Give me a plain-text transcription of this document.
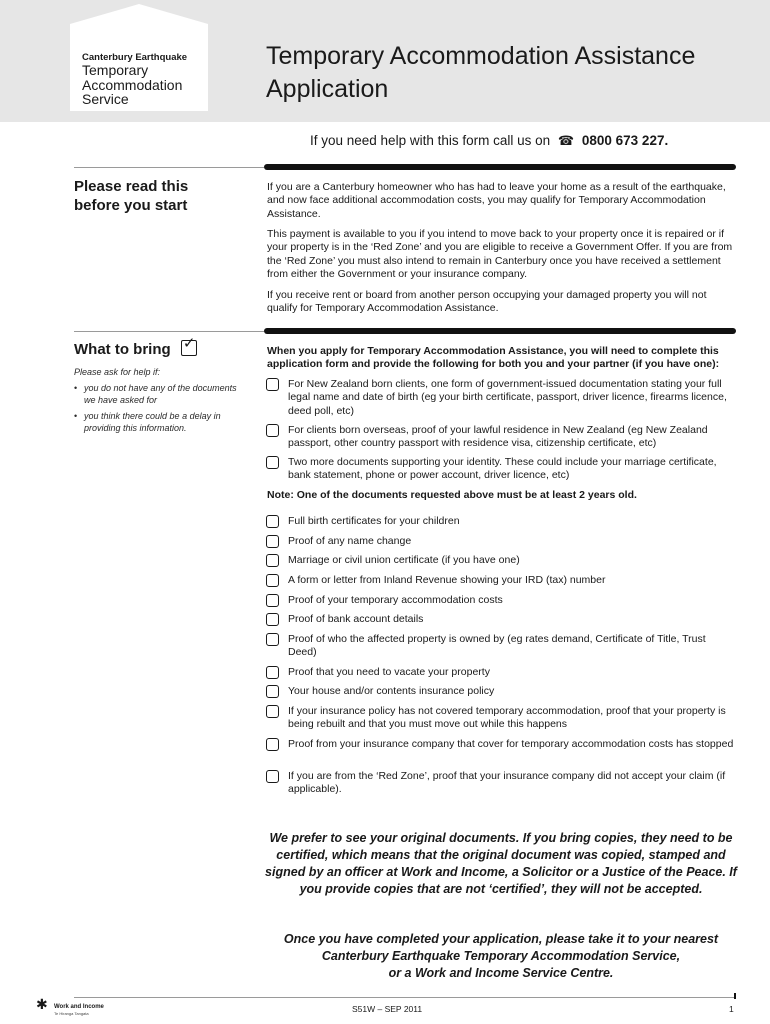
Canterbury Earthquake
Temporary
Accommodation
Service
Temporary Accommodation Assistance
Application
If you need help with this form call us on ☎ 0800 673 227.
Please read this
before you start

If you are a Canterbury homeowner who has had to leave your home as a result of the earthquake, and now face additional accommodation costs, you may qualify for Temporary Accommodation Assistance.

This payment is available to you if you intend to move back to your property once it is repaired or if your property is in the ‘Red Zone’ and you are eligible to receive a Government Offer. If you are from the ‘Red Zone’ you must also intend to remain in Canterbury once you have received a settlement from either the Government or your insurance company.

If you receive rent or board from another person occupying your damaged property you will not qualify for Temporary Accommodation Assistance.

What to bring ✓
Please ask for help if:
• you do not have any of the documents we have asked for
• you think there could be a delay in providing this information.

When you apply for Temporary Accommodation Assistance, you will need to complete this application form and provide the following for both you and your partner (if you have one):

For New Zealand born clients, one form of government-issued documentation stating your full legal name and date of birth (eg your birth certificate, passport, driver licence, firearms licence, deed poll, etc)
For clients born overseas, proof of your lawful residence in New Zealand (eg New Zealand passport, other country passport with residence visa, citizenship certificate, etc)
Two more documents supporting your identity. These could include your marriage certificate, bank statement, phone or power account, driver licence, etc)

Note: One of the documents requested above must be at least 2 years old.

Full birth certificates for your children
Proof of any name change
Marriage or civil union certificate (if you have one)
A form or letter from Inland Revenue showing your IRD (tax) number
Proof of your temporary accommodation costs
Proof of bank account details
Proof of who the affected property is owned by (eg rates demand, Certificate of Title, Trust Deed)
Proof that you need to vacate your property
Your house and/or contents insurance policy
If your insurance policy has not covered temporary accommodation, proof that your property is being rebuilt and that you must move out while this happens
Proof from your insurance company that cover for temporary accommodation costs has stopped
If you are from the ‘Red Zone’, proof that your insurance company did not accept your claim (if applicable).
We prefer to see your original documents. If you bring copies, they need to be certified, which means that the original document was copied, stamped and signed by an officer at Work and Income, a Solicitor or a Justice of the Peace. If you provide copies that are not ‘certified’, they will not be accepted.
Once you have completed your application, please take it to your nearest
Canterbury Earthquake Temporary Accommodation Service,
or a Work and Income Service Centre.
✱ Work and Income
Te Hiranga Tangata	S51W – SEP 2011	1
